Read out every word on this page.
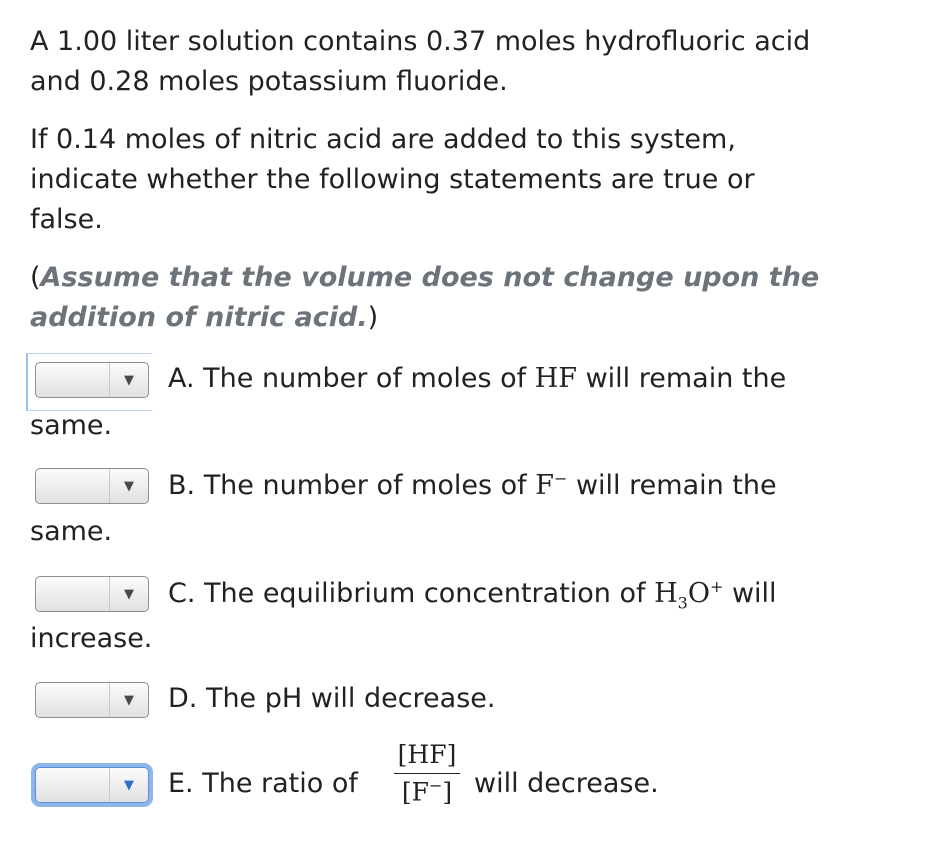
A 1.00 liter solution contains 0.37 moles hydrofluoric acid
and 0.28 moles potassium fluoride.
If 0.14 moles of nitric acid are added to this system,
indicate whether the following statements are true or
false.
(Assume that the volume does not change upon the addition of nitric acid.)
▼	A. The number of moles of HF will remain the
same.
▼	B. The number of moles of F− will remain the
same.
▼	C. The equilibrium concentration of $H_3O^+$ will
increase.
▼	D. The pH will decrease.
▼	E. The ratio of $\frac{[HF]}{[F^-]}$ will decrease.
